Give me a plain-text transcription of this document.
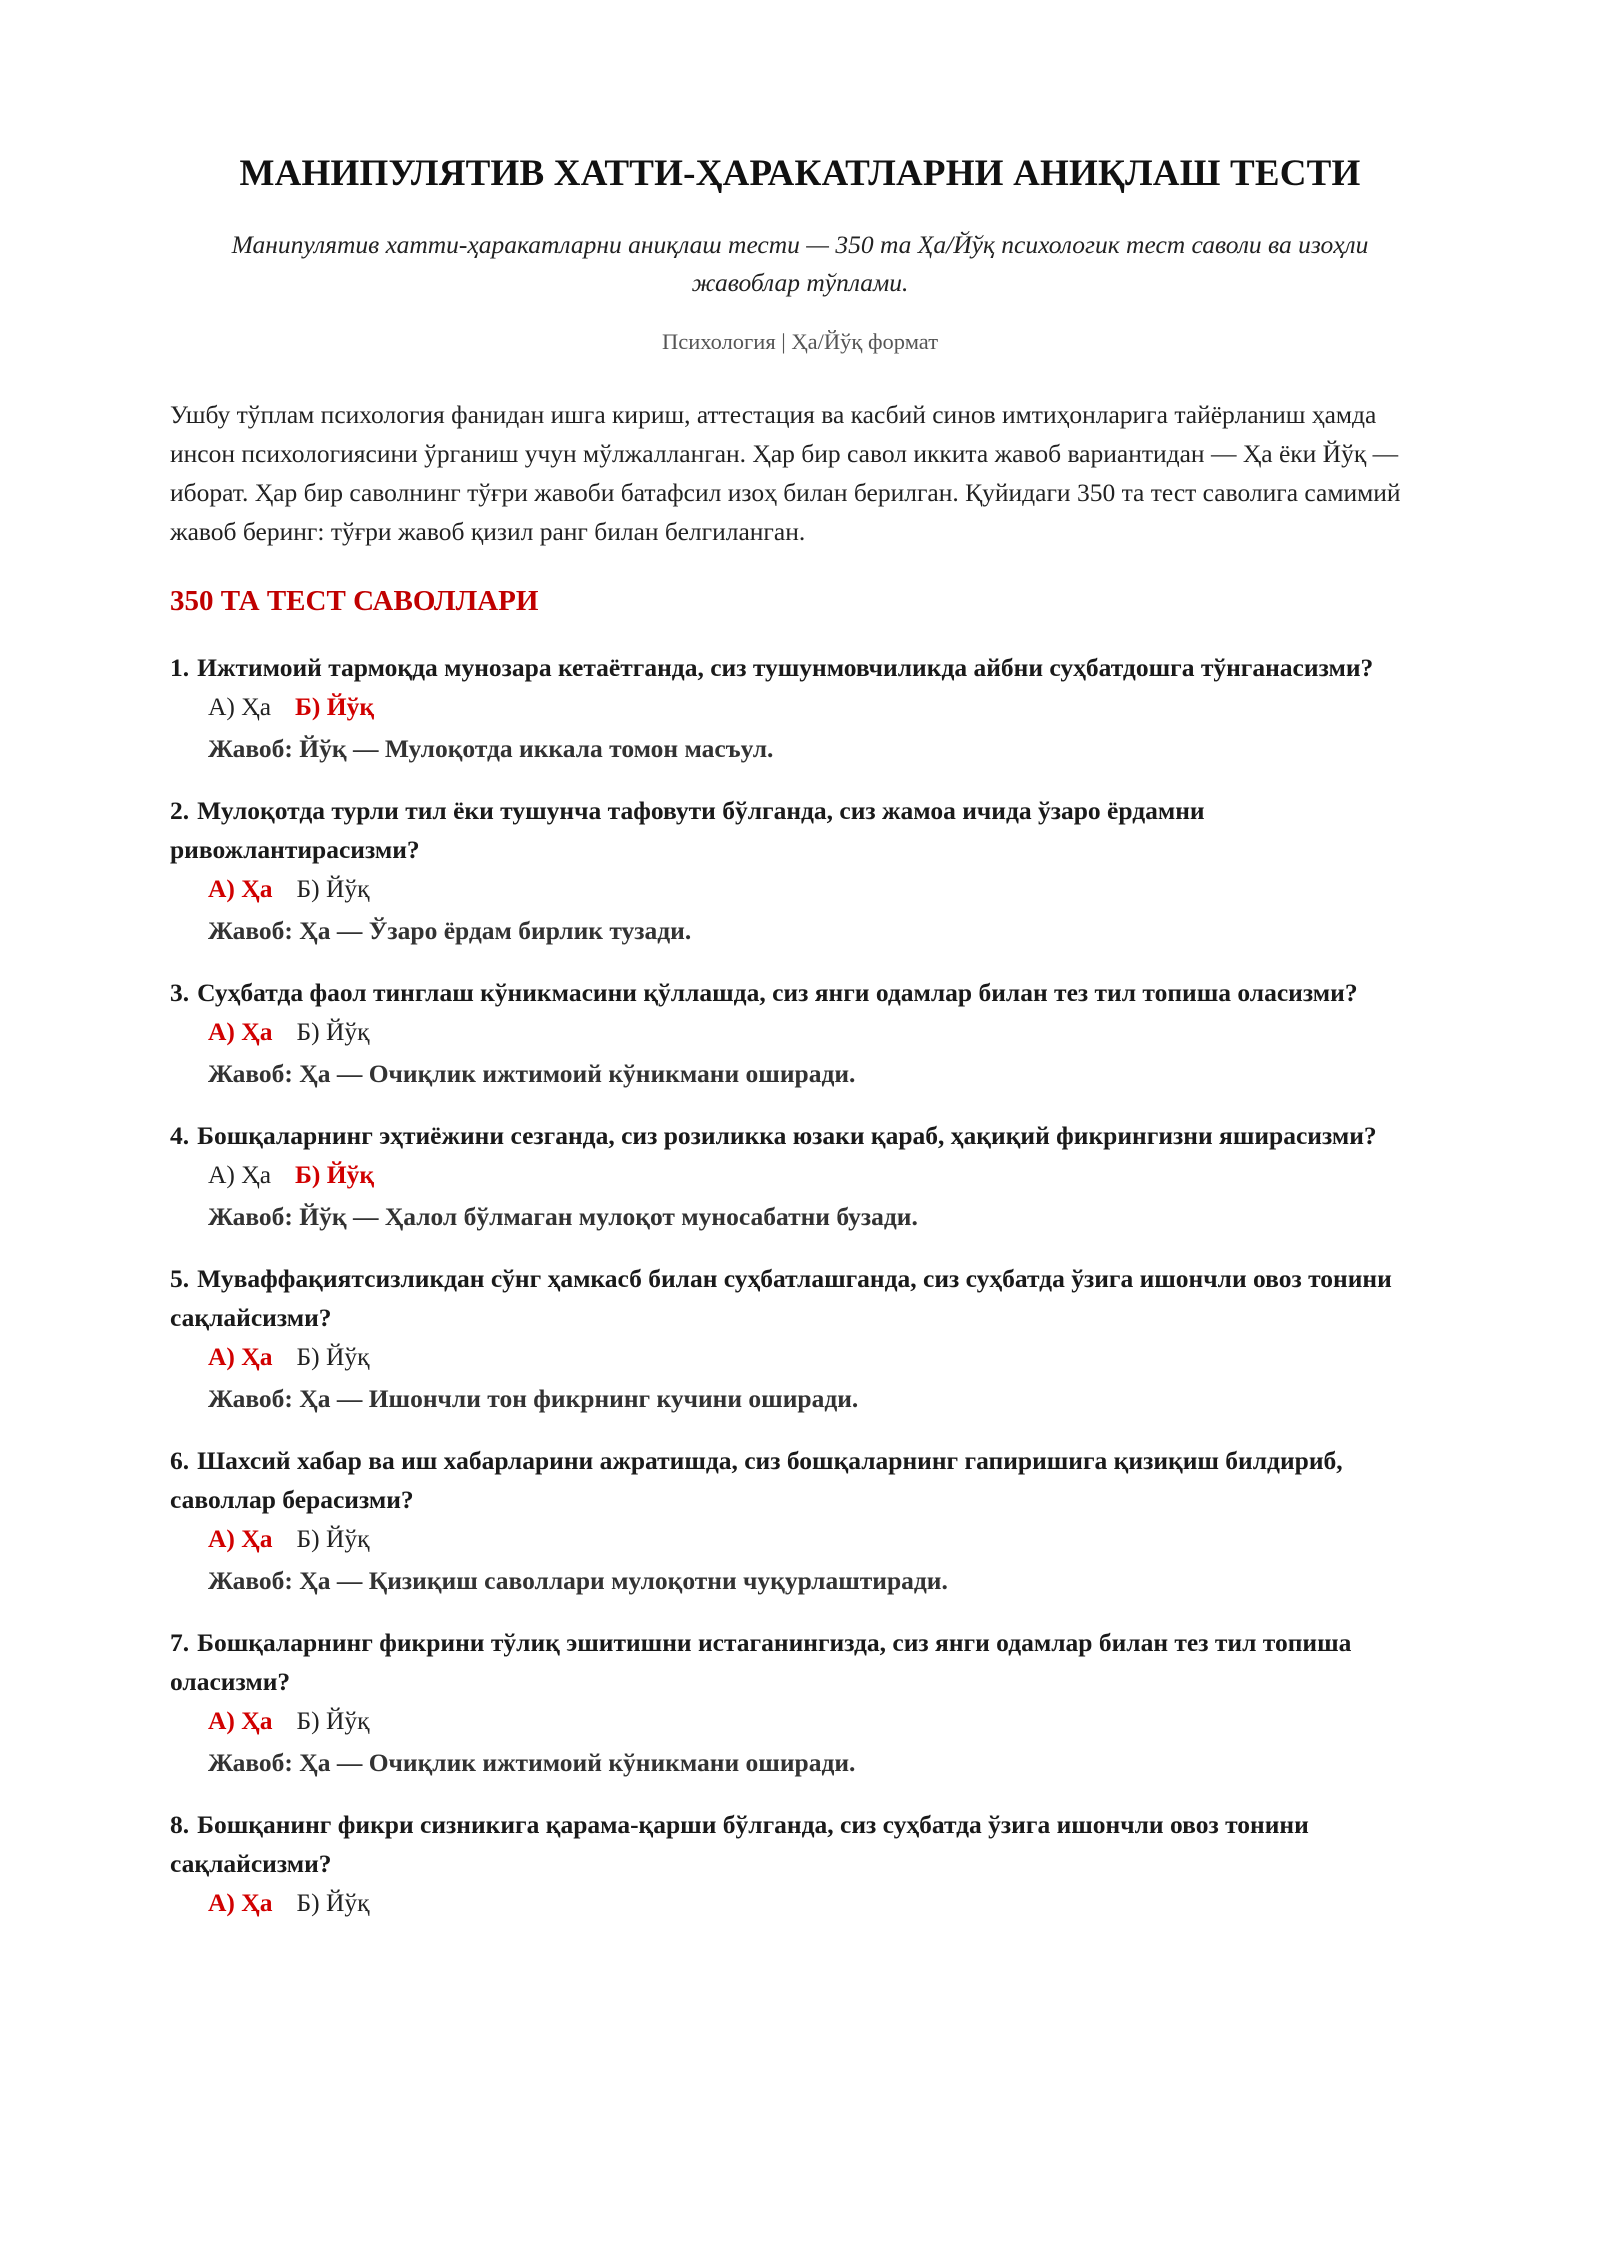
МАНИПУЛЯТИВ ХАТТИ-ҲАРАКАТЛАРНИ АНИҚЛАШ ТЕСТИ
Манипулятив хатти-ҳаракатларни аниқлаш тести — 350 та Ҳа/Йўқ психологик тест саволи ва изоҳли жавоблар тўплами.
Психология | Ҳа/Йўқ формат

Ушбу тўплам психология фанидан ишга кириш, аттестация ва касбий синов имтиҳонларига тайёрланиш ҳамда инсон психологиясини ўрганиш учун мўлжалланган. Ҳар бир савол иккита жавоб вариантидан — Ҳа ёки Йўқ — иборат. Ҳар бир саволнинг тўғри жавоби батафсил изоҳ билан берилган. Қуйидаги 350 та тест саволига самимий жавоб беринг: тўғри жавоб қизил ранг билан белгиланган.

350 ТА ТЕСТ САВОЛЛАРИ
1. Ижтимоий тармоқда мунозара кетаётганда, сиз тушунмовчиликда айбни суҳбатдошга тўнганасизми?
А) Ҳа Б) Йўқ
Жавоб: Йўқ — Мулоқотда иккала томон масъул.
2. Мулоқотда турли тил ёки тушунча тафовути бўлганда, сиз жамоа ичида ўзаро ёрдамни ривожлантирасизми?
А) Ҳа Б) Йўқ
Жавоб: Ҳа — Ўзаро ёрдам бирлик тузади.
3. Суҳбатда фаол тинглаш кўникмасини қўллашда, сиз янги одамлар билан тез тил топиша оласизми?
А) Ҳа Б) Йўқ
Жавоб: Ҳа — Очиқлик ижтимоий кўникмани оширади.
4. Бошқаларнинг эҳтиёжини сезганда, сиз розиликка юзаки қараб, ҳақиқий фикрингизни яширасизми?
А) Ҳа Б) Йўқ
Жавоб: Йўқ — Ҳалол бўлмаган мулоқот муносабатни бузади.
5. Муваффақиятсизликдан сўнг ҳамкасб билан суҳбатлашганда, сиз суҳбатда ўзига ишончли овоз тонини сақлайсизми?
А) Ҳа Б) Йўқ
Жавоб: Ҳа — Ишончли тон фикрнинг кучини оширади.
6. Шахсий хабар ва иш хабарларини ажратишда, сиз бошқаларнинг гапиришига қизиқиш билдириб, саволлар берасизми?
А) Ҳа Б) Йўқ
Жавоб: Ҳа — Қизиқиш саволлари мулоқотни чуқурлаштиради.
7. Бошқаларнинг фикрини тўлиқ эшитишни истаганингизда, сиз янги одамлар билан тез тил топиша оласизми?
А) Ҳа Б) Йўқ
Жавоб: Ҳа — Очиқлик ижтимоий кўникмани оширади.
8. Бошқанинг фикри сизникига қарама-қарши бўлганда, сиз суҳбатда ўзига ишончли овоз тонини сақлайсизми?
А) Ҳа Б) Йўқ
